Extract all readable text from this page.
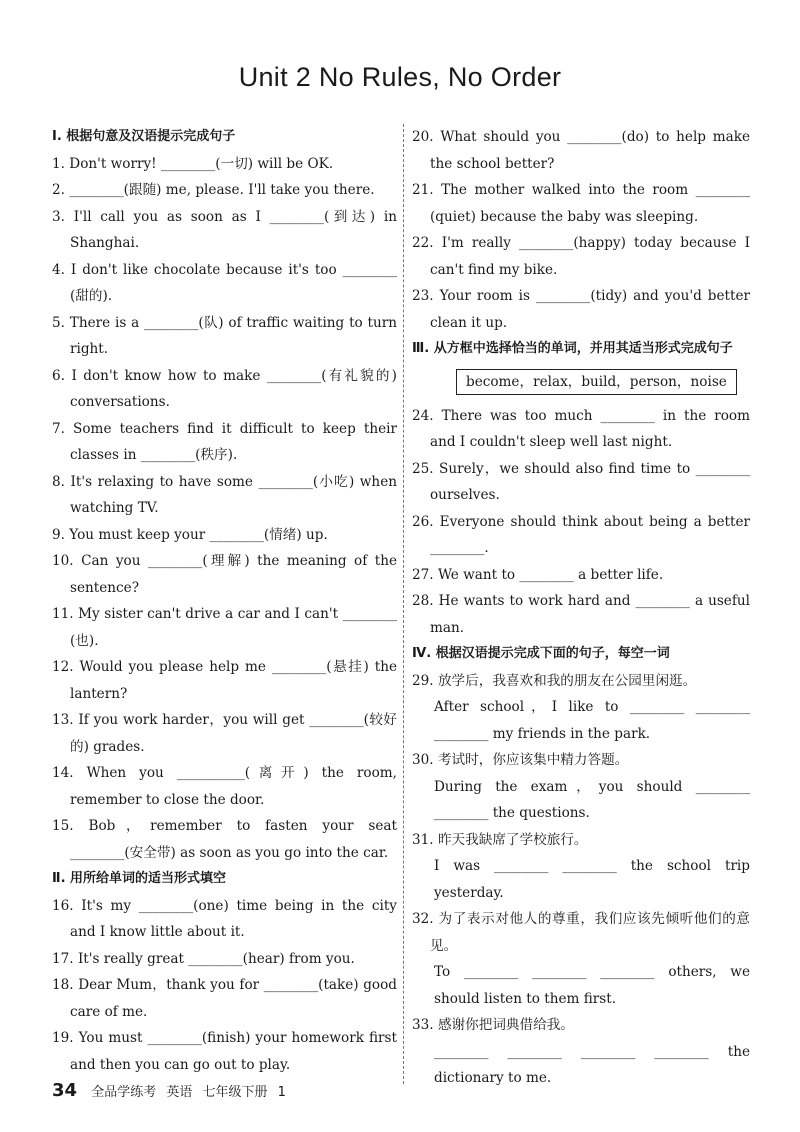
Unit 2 No Rules, No Order
Ⅰ. 根据句意及汉语提示完成句子
1. Don't worry! ________(一切) will be OK.
2. ________(跟随) me, please. I'll take you there.
3. I'll call you as soon as I ________(到达) in Shanghai.
4. I don't like chocolate because it's too ________ (甜的).
5. There is a ________(队) of traffic waiting to turn right.
6. I don't know how to make ________(有礼貌的) conversations.
7. Some teachers find it difficult to keep their classes in ________(秩序).
8. It's relaxing to have some ________(小吃) when watching TV.
9. You must keep your ________(情绪) up.
10. Can you ________(理解) the meaning of the sentence?
11. My sister can't drive a car and I can't ________ (也).
12. Would you please help me ________(悬挂) the lantern?
13. If you work harder，you will get ________(较好的) grades.
14. When you __________(离开) the room, remember to close the door.
15. Bob，remember to fasten your seat ________(安全带) as soon as you go into the car.
Ⅱ. 用所给单词的适当形式填空
16. It's my ________(one) time being in the city and I know little about it.
17. It's really great ________(hear) from you.
18. Dear Mum，thank you for ________(take) good care of me.
19. You must ________(finish) your homework first and then you can go out to play.
20. What should you ________(do) to help make the school better?
21. The mother walked into the room ________ (quiet) because the baby was sleeping.
22. I'm really ________(happy) today because I can't find my bike.
23. Your room is ________(tidy) and you'd better clean it up.
Ⅲ. 从方框中选择恰当的单词，并用其适当形式完成句子
become，relax，build，person，noise
24. There was too much ________ in the room and I couldn't sleep well last night.
25. Surely，we should also find time to ________ ourselves.
26. Everyone should think about being a better ________.
27. We want to ________ a better life.
28. He wants to work hard and ________ a useful man.
Ⅳ. 根据汉语提示完成下面的句子，每空一词
29. 放学后，我喜欢和我的朋友在公园里闲逛。
After school，I like to ________ ________ ________ my friends in the park.
30. 考试时，你应该集中精力答题。
During the exam，you should ________ ________ the questions.
31. 昨天我缺席了学校旅行。
I was ________ ________ the school trip yesterday.
32. 为了表示对他人的尊重，我们应该先倾听他们的意见。
To ________ ________ ________ others, we should listen to them first.
33. 感谢你把词典借给我。
________ ________ ________ ________ the dictionary to me.
34 全品学练考 英语 七年级下册 1
